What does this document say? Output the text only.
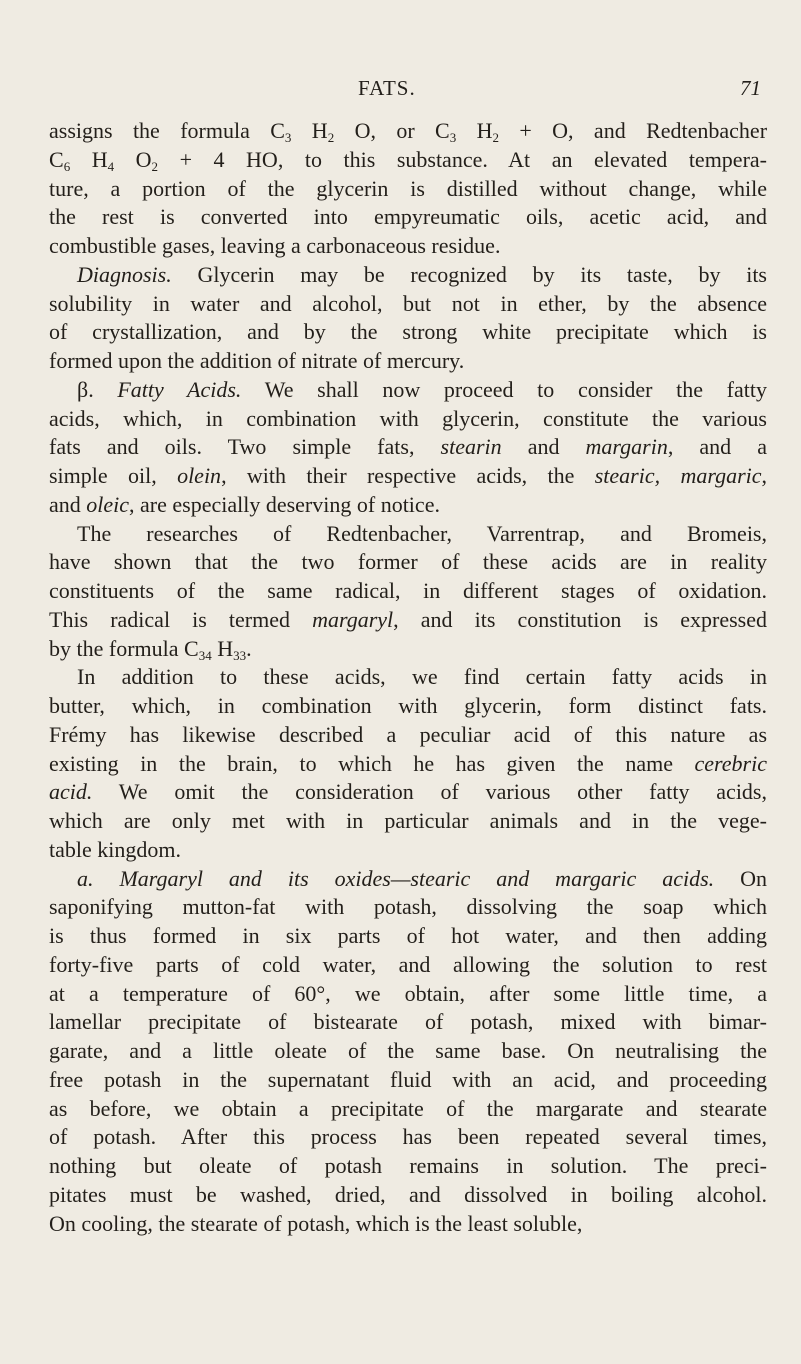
FATS.	71
assigns the formula $C_3$ $H_2$ O, or $C_3$ $H_2 + O$, and Redtenbacher
$C_6$ $H_4$ $O_2 + 4$ HO, to this substance. At an elevated tempera-
ture, a portion of the glycerin is distilled without change, while
the rest is converted into empyreumatic oils, acetic acid, and
combustible gases, leaving a carbonaceous residue.
Diagnosis. Glycerin may be recognized by its taste, by its
solubility in water and alcohol, but not in ether, by the absence
of crystallization, and by the strong white precipitate which is
formed upon the addition of nitrate of mercury.
β. Fatty Acids. We shall now proceed to consider the fatty
acids, which, in combination with glycerin, constitute the various
fats and oils. Two simple fats, stearin and margarin, and a
simple oil, olein, with their respective acids, the stearic, margaric,
and oleic, are especially deserving of notice.
The researches of Redtenbacher, Varrentrap, and Bromeis,
have shown that the two former of these acids are in reality
constituents of the same radical, in different stages of oxidation.
This radical is termed margaryl, and its constitution is expressed
by the formula $C_{34}$ $H_{33}$.
In addition to these acids, we find certain fatty acids in
butter, which, in combination with glycerin, form distinct fats.
Frémy has likewise described a peculiar acid of this nature as
existing in the brain, to which he has given the name cerebric
acid. We omit the consideration of various other fatty acids,
which are only met with in particular animals and in the vege-
table kingdom.
a. Margaryl and its oxides—stearic and margaric acids. On
saponifying mutton-fat with potash, dissolving the soap which
is thus formed in six parts of hot water, and then adding
forty-five parts of cold water, and allowing the solution to rest
at a temperature of 60°, we obtain, after some little time, a
lamellar precipitate of bistearate of potash, mixed with bimar-
garate, and a little oleate of the same base. On neutralising the
free potash in the supernatant fluid with an acid, and proceeding
as before, we obtain a precipitate of the margarate and stearate
of potash. After this process has been repeated several times,
nothing but oleate of potash remains in solution. The preci-
pitates must be washed, dried, and dissolved in boiling alcohol.
On cooling, the stearate of potash, which is the least soluble,
